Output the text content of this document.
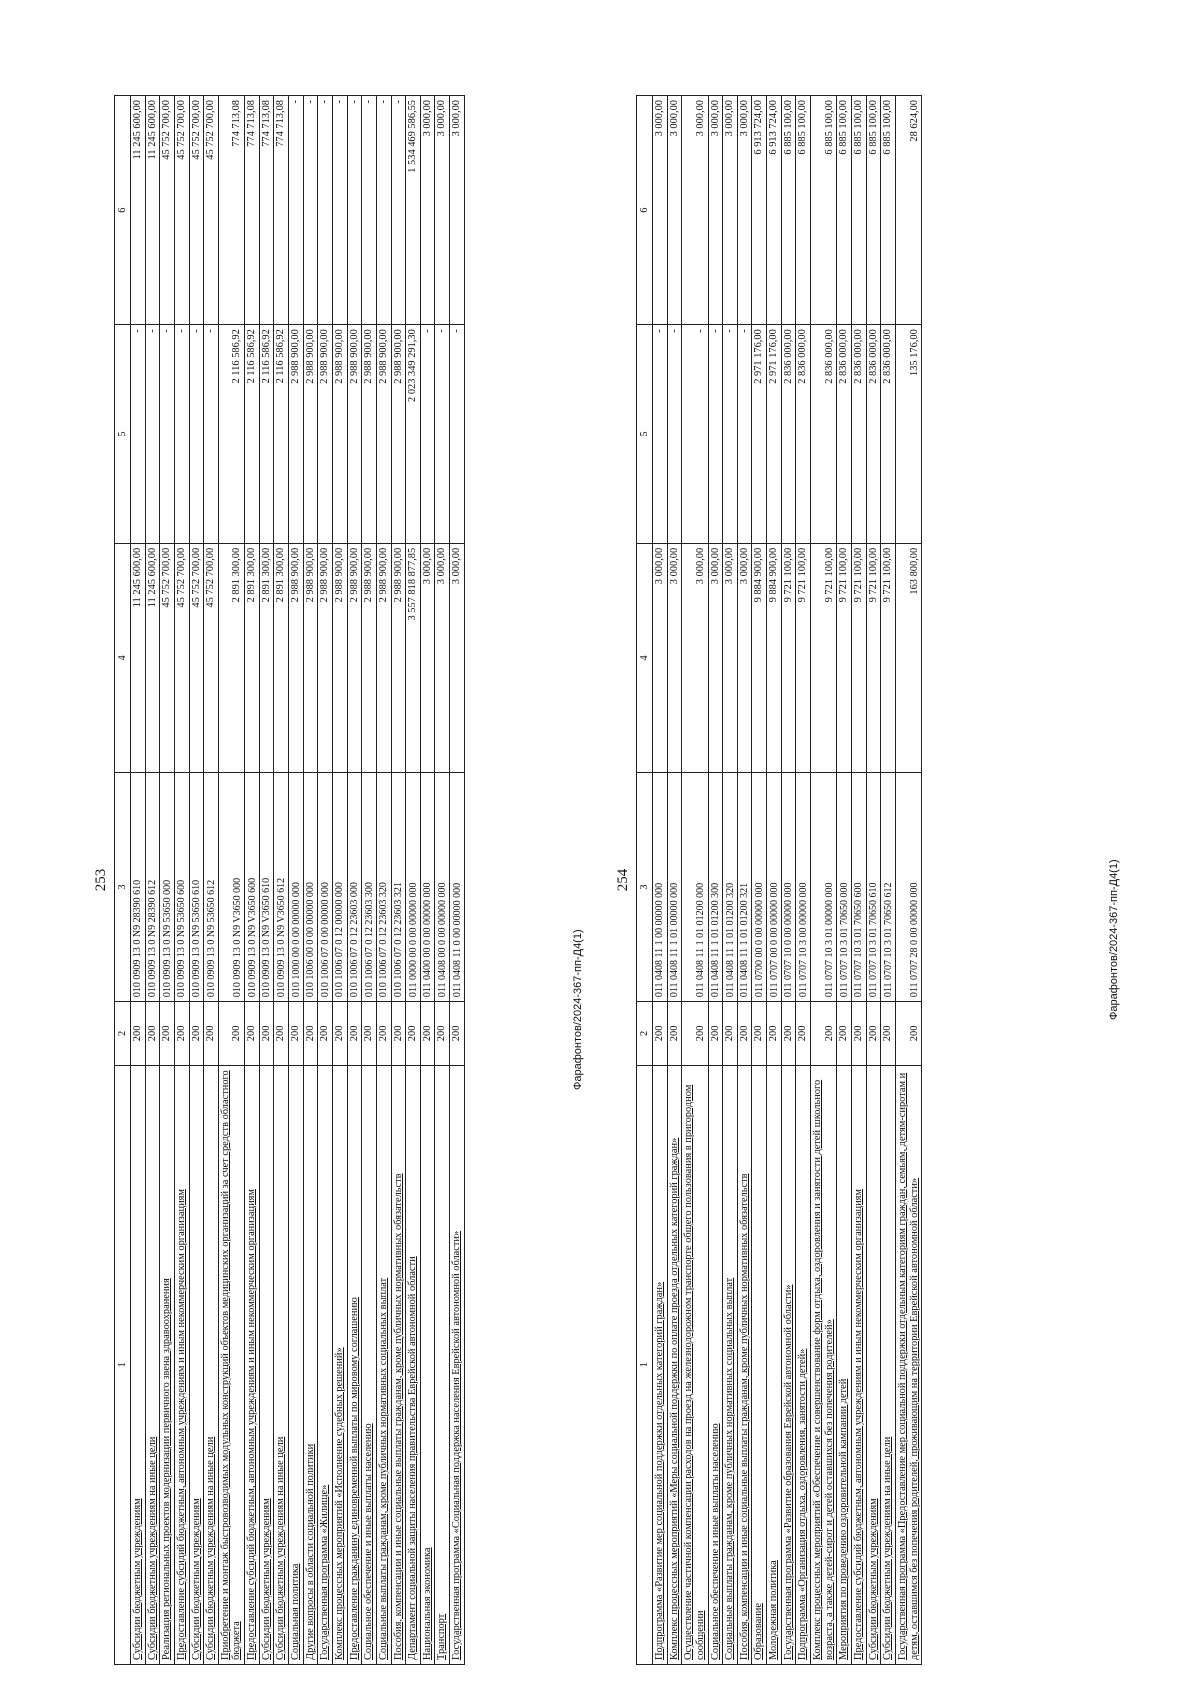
253
1	2	3	4	5	6
Субсидии бюджетным учреждениям	200	010 0909 13 0 N9 28390 610	11 245 600,00	-	11 245 600,00
Субсидии бюджетным учреждениям на иные цели	200	010 0909 13 0 N9 28390 612	11 245 600,00	-	11 245 600,00
Реализация региональных проектов модернизации первичного звена здравоохранения	200	010 0909 13 0 N9 53650 000	45 752 700,00	-	45 752 700,00
Предоставление субсидий бюджетным, автономным учреждениям и иным некоммерческим организациям	200	010 0909 13 0 N9 53650 600	45 752 700,00	-	45 752 700,00
Субсидии бюджетным учреждениям	200	010 0909 13 0 N9 53650 610	45 752 700,00	-	45 752 700,00
Субсидии бюджетным учреждениям на иные цели	200	010 0909 13 0 N9 53650 612	45 752 700,00	-	45 752 700,00
Приобретение и монтаж быстровозводимых модульных конструкций объектов медицинских организаций за счет средств областного бюджета	200	010 0909 13 0 N9 V3650 000	2 891 300,00	2 116 586,92	774 713,08
Предоставление субсидий бюджетным, автономным учреждениям и иным некоммерческим организациям	200	010 0909 13 0 N9 V3650 600	2 891 300,00	2 116 586,92	774 713,08
Субсидии бюджетным учреждениям	200	010 0909 13 0 N9 V3650 610	2 891 300,00	2 116 586,92	774 713,08
Субсидии бюджетным учреждениям на иные цели	200	010 0909 13 0 N9 V3650 612	2 891 300,00	2 116 586,92	774 713,08
Социальная политика	200	010 1000 00 0 00 00000 000	2 988 900,00	2 988 900,00	-
Другие вопросы в области социальной политики	200	010 1006 00 0 00 00000 000	2 988 900,00	2 988 900,00	-
Государственная программа «Жилище»	200	010 1006 07 0 00 00000 000	2 988 900,00	2 988 900,00	-
Комплекс процессных мероприятий «Исполнение судебных решений»	200	010 1006 07 0 12 00000 000	2 988 900,00	2 988 900,00	-
Предоставление гражданину единовременной выплаты по мировому соглашению	200	010 1006 07 0 12 23603 000	2 988 900,00	2 988 900,00	-
Социальное обеспечение и иные выплаты населению	200	010 1006 07 0 12 23603 300	2 988 900,00	2 988 900,00	-
Социальные выплаты гражданам, кроме публичных нормативных социальных выплат	200	010 1006 07 0 12 23603 320	2 988 900,00	2 988 900,00	-
Пособия, компенсации и иные социальные выплаты гражданам, кроме публичных нормативных обязательств	200	010 1006 07 0 12 23603 321	2 988 900,00	2 988 900,00	-
Департамент социальной защиты населения правительства Еврейской автономной области	200	011 0000 00 0 00 00000 000	3 557 818 877,85	2 023 349 291,30	1 534 469 586,55
Национальная экономика	200	011 0400 00 0 00 00000 000	3 000,00	-	3 000,00
Транспорт	200	011 0408 00 0 00 00000 000	3 000,00	-	3 000,00
Государственная программа «Социальная поддержка населения Еврейской автономной области»	200	011 0408 11 0 00 00000 000	3 000,00	-	3 000,00
254
1	2	3	4	5	6
Подпрограмма «Развитие мер социальной поддержки отдельных категорий граждан»	200	011 0408 11 1 00 00000 000	3 000,00	-	3 000,00
Комплекс процессных мероприятий «Меры социальной поддержки по оплате проезда отдельных категорий граждан»	200	011 0408 11 1 01 00000 000	3 000,00	-	3 000,00
Осуществление частичной компенсации расходов на проезд на железнодорожном транспорте общего пользования в пригородном сообщении	200	011 0408 11 1 01 01200 000	3 000,00	-	3 000,00
Социальное обеспечение и иные выплаты населению	200	011 0408 11 1 01 01200 300	3 000,00	-	3 000,00
Социальные выплаты гражданам, кроме публичных нормативных социальных выплат	200	011 0408 11 1 01 01200 320	3 000,00	-	3 000,00
Пособия, компенсации и иные социальные выплаты гражданам, кроме публичных нормативных обязательств	200	011 0408 11 1 01 01200 321	3 000,00	-	3 000,00
Образование	200	011 0700 00 0 00 00000 000	9 884 900,00	2 971 176,00	6 913 724,00
Молодежная политика	200	011 0707 00 0 00 00000 000	9 884 900,00	2 971 176,00	6 913 724,00
Государственная программа «Развитие образования Еврейской автономной области»	200	011 0707 10 0 00 00000 000	9 721 100,00	2 836 000,00	6 885 100,00
Подпрограмма «Организация отдыха, оздоровления, занятости детей»	200	011 0707 10 3 00 00000 000	9 721 100,00	2 836 000,00	6 885 100,00
Комплекс процессных мероприятий «Обеспечение и совершенствование форм отдыха, оздоровления и занятости детей школьного возраста, а также детей-сирот и детей оставшихся без попечения родителей»	200	011 0707 10 3 01 00000 000	9 721 100,00	2 836 000,00	6 885 100,00
Мероприятия по проведению оздоровительной кампании детей	200	011 0707 10 3 01 70650 000	9 721 100,00	2 836 000,00	6 885 100,00
Предоставление субсидий бюджетным, автономным учреждениям и иным некоммерческим организациям	200	011 0707 10 3 01 70650 600	9 721 100,00	2 836 000,00	6 885 100,00
Субсидии бюджетным учреждениям	200	011 0707 10 3 01 70650 610	9 721 100,00	2 836 000,00	6 885 100,00
Субсидии бюджетным учреждениям на иные цели	200	011 0707 10 3 01 70650 612	9 721 100,00	2 836 000,00	6 885 100,00
Государственная программа «Предоставление мер социальной поддержки отдельным категориям граждан, семьям, детям-сиротам и детям, оставшимся без попечения родителей, проживающим на территории Еврейской автономной области»	200	011 0707 28 0 00 00000 000	163 800,00	135 176,00	28 624,00
Фарафонтов/2024-367-пп-Д4(1)	Фарафонтов/2024-367-пп-Д4(1)
